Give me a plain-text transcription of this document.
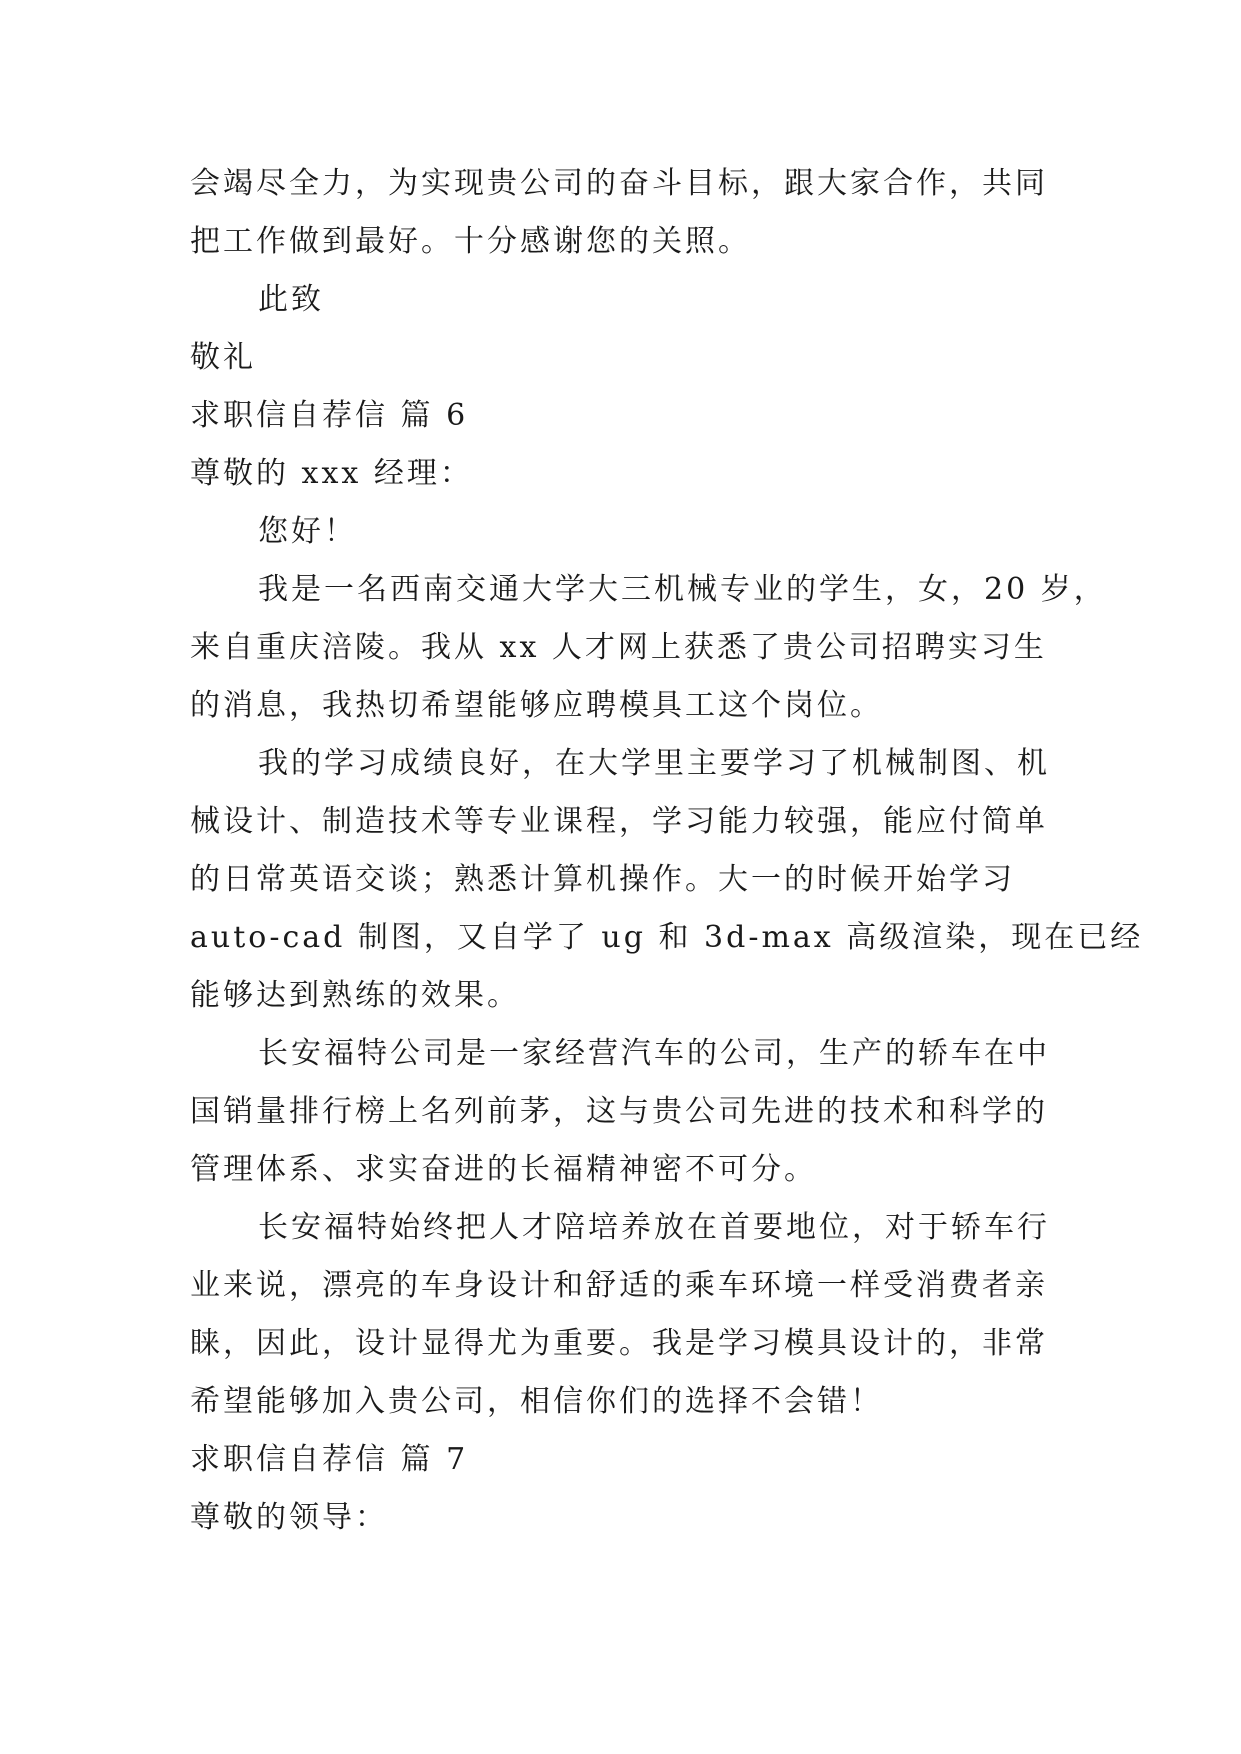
会竭尽全力，为实现贵公司的奋斗目标，跟大家合作，共同
把工作做到最好。十分感谢您的关照。
此致
敬礼
求职信自荐信 篇 6
尊敬的 xxx 经理：
您好！
我是一名西南交通大学大三机械专业的学生，女，20 岁，
来自重庆涪陵。我从 xx 人才网上获悉了贵公司招聘实习生
的消息，我热切希望能够应聘模具工这个岗位。
我的学习成绩良好，在大学里主要学习了机械制图、机
械设计、制造技术等专业课程，学习能力较强，能应付简单
的日常英语交谈；熟悉计算机操作。大一的时候开始学习
auto-cad 制图，又自学了 ug 和 3d-max 高级渲染，现在已经
能够达到熟练的效果。
长安福特公司是一家经营汽车的公司，生产的轿车在中
国销量排行榜上名列前茅，这与贵公司先进的技术和科学的
管理体系、求实奋进的长福精神密不可分。
长安福特始终把人才陪培养放在首要地位，对于轿车行
业来说，漂亮的车身设计和舒适的乘车环境一样受消费者亲
睐，因此，设计显得尤为重要。我是学习模具设计的，非常
希望能够加入贵公司，相信你们的选择不会错！
求职信自荐信 篇 7
尊敬的领导：
